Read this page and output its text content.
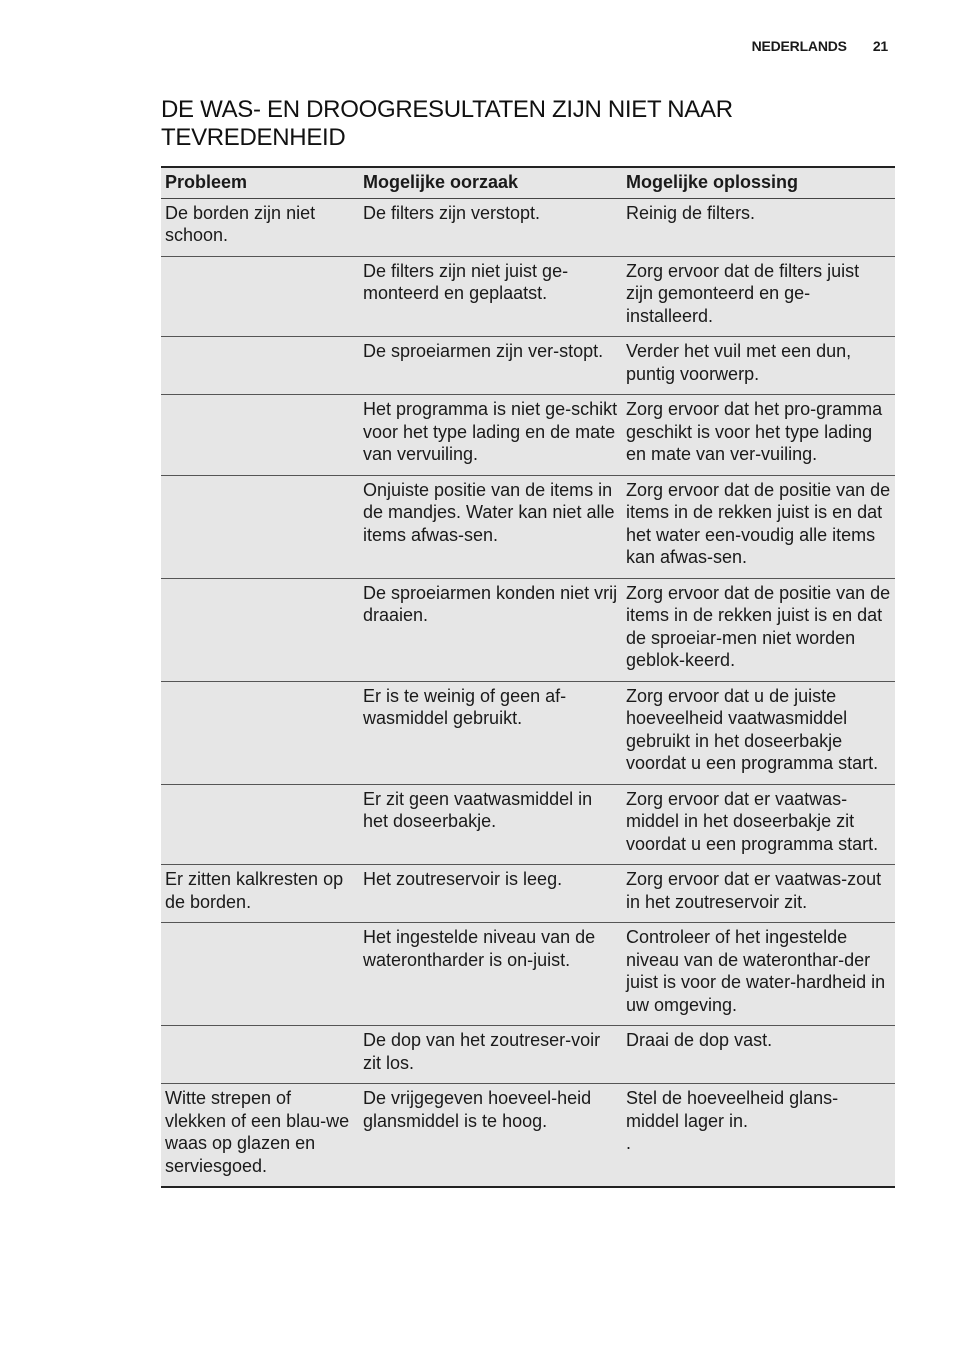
NEDERLANDS 21
DE WAS- EN DROOGRESULTATEN ZIJN NIET NAAR TEVREDENHEID
Probleem	Mogelijke oorzaak	Mogelijke oplossing

De borden zijn niet schoon.	De filters zijn verstopt.	Reinig de filters.

	De filters zijn niet juist ge-monteerd en geplaatst.	Zorg ervoor dat de filters juist zijn gemonteerd en ge-installeerd.

	De sproeiarmen zijn ver-stopt.	Verder het vuil met een dun, puntig voorwerp.

	Het programma is niet ge-schikt voor het type lading en de mate van vervuiling.	Zorg ervoor dat het pro-gramma geschikt is voor het type lading en mate van ver-vuiling.

	Onjuiste positie van de items in de mandjes. Water kan niet alle items afwas-sen.	Zorg ervoor dat de positie van de items in de rekken juist is en dat het water een-voudig alle items kan afwas-sen.

	De sproeiarmen konden niet vrij draaien.	Zorg ervoor dat de positie van de items in de rekken juist is en dat de sproeiar-men niet worden geblok-keerd.

	Er is te weinig of geen af-wasmiddel gebruikt.	Zorg ervoor dat u de juiste hoeveelheid vaatwasmiddel gebruikt in het doseerbakje voordat u een programma start.

	Er zit geen vaatwasmiddel in het doseerbakje.	Zorg ervoor dat er vaatwas-middel in het doseerbakje zit voordat u een programma start.

Er zitten kalkresten op de borden.	Het zoutreservoir is leeg.	Zorg ervoor dat er vaatwas-zout in het zoutreservoir zit.

	Het ingestelde niveau van de waterontharder is on-juist.	Controleer of het ingestelde niveau van de wateronthar-der juist is voor de water-hardheid in uw omgeving.

	De dop van het zoutreser-voir zit los.	Draai de dop vast.

Witte strepen of vlekken of een blau-we waas op glazen en serviesgoed.	De vrijgegeven hoeveel-heid glansmiddel is te hoog.	Stel de hoeveelheid glans-middel lager in.
.
